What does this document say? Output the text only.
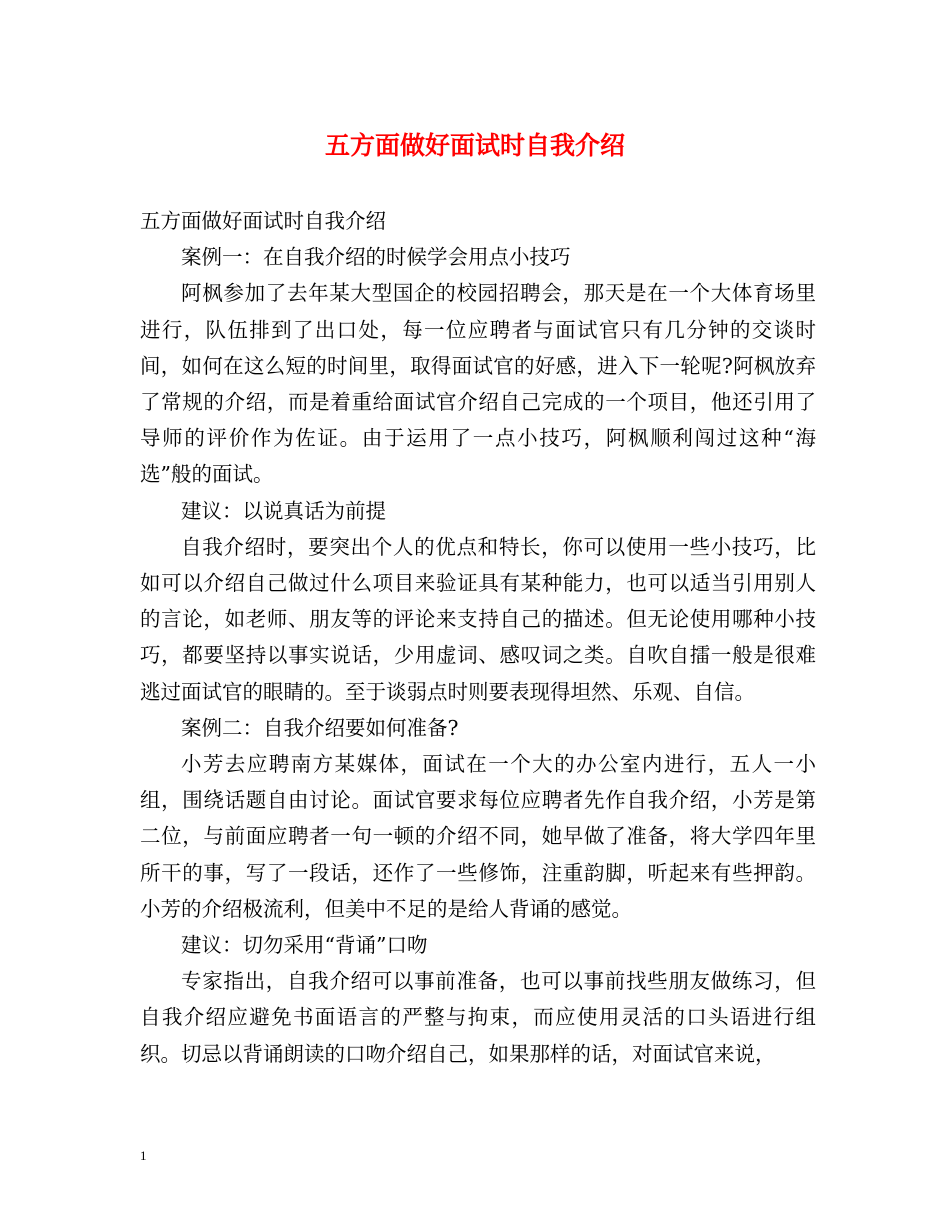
五方面做好面试时自我介绍

五方面做好面试时自我介绍

案例一：在自我介绍的时候学会用点小技巧

阿枫参加了去年某大型国企的校园招聘会，那天是在一个大体育场里进行，队伍排到了出口处，每一位应聘者与面试官只有几分钟的交谈时间，如何在这么短的时间里，取得面试官的好感，进入下一轮呢?阿枫放弃了常规的介绍，而是着重给面试官介绍自己完成的一个项目，他还引用了导师的评价作为佐证。由于运用了一点小技巧，阿枫顺利闯过这种“海选”般的面试。

建议：以说真话为前提

自我介绍时，要突出个人的优点和特长，你可以使用一些小技巧，比如可以介绍自己做过什么项目来验证具有某种能力，也可以适当引用别人的言论，如老师、朋友等的评论来支持自己的描述。但无论使用哪种小技巧，都要坚持以事实说话，少用虚词、感叹词之类。自吹自擂一般是很难逃过面试官的眼睛的。至于谈弱点时则要表现得坦然、乐观、自信。

案例二：自我介绍要如何准备?

小芳去应聘南方某媒体，面试在一个大的办公室内进行，五人一小组，围绕话题自由讨论。面试官要求每位应聘者先作自我介绍，小芳是第二位，与前面应聘者一句一顿的介绍不同，她早做了准备，将大学四年里所干的事，写了一段话，还作了一些修饰，注重韵脚，听起来有些押韵。小芳的介绍极流利，但美中不足的是给人背诵的感觉。

建议：切勿采用“背诵”口吻

专家指出，自我介绍可以事前准备，也可以事前找些朋友做练习，但自我介绍应避免书面语言的严整与拘束，而应使用灵活的口头语进行组织。切忌以背诵朗读的口吻介绍自己，如果那样的话，对面试官来说，

1
